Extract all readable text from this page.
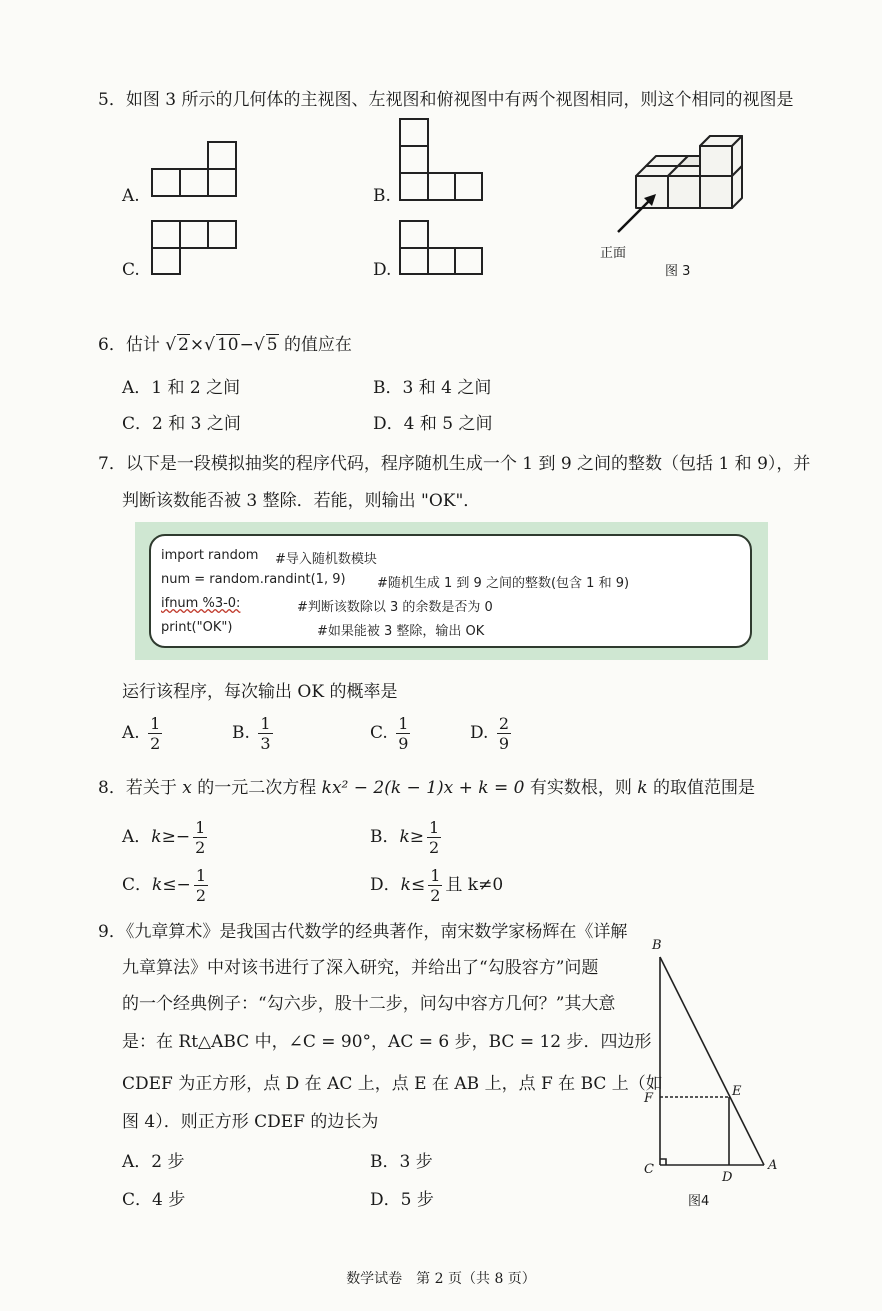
5．如图 3 所示的几何体的主视图、左视图和俯视图中有两个视图相同，则这个相同的视图是
A.	B.
C.	D.
正面
图 3
6．估计 √ 2×√ 10−√ 5 的值应在
A．1 和 2 之间	B．3 和 4 之间
C．2 和 3 之间	D．4 和 5 之间
7．以下是一段模拟抽奖的程序代码，程序随机生成一个 1 到 9 之间的整数（包括 1 和 9），并
判断该数能否被 3 整除．若能，则输出 "OK"．
import random #导入随机数模块
num = random.randint(1, 9) #随机生成 1 到 9 之间的整数(包含 1 和 9)
ifnum %3-0:	#判断该数除以 3 的余数是否为 0
print("OK")	#如果能被 3 整除，输出 OK
运行该程序，每次输出 OK 的概率是
A. $\frac{1}{2}$	B. $\frac{1}{3}$	C. $\frac{1}{9}$	D. $\frac{2}{9}$
8．若关于 x 的一元二次方程 kx² − 2(k − 1)x + k = 0 有实数根，则 k 的取值范围是
A．$k\ge- \frac{1}{2}$	B．$k\ge \frac{1}{2}$
C．$k\le- \frac{1}{2}$	D．$k\le \frac{1}{2}$ 且 k≠0
9．《九章算术》是我国古代数学的经典著作，南宋数学家杨辉在《详解
九章算法》中对该书进行了深入研究，并给出了“勾股容方”问题
的一个经典例子：“勾六步，股十二步，问勾中容方几何？”其大意
是：在 Rt△ABC 中，∠C = 90°，AC = 6 步，BC = 12 步．四边形
CDEF 为正方形，点 D 在 AC 上，点 E 在 AB 上，点 F 在 BC 上（如
图 4）．则正方形 CDEF 的边长为
A．2 步	B．3 步
C．4 步	D．5 步
B
F	E
C
D
A
图4
数学试卷　第 2 页（共 8 页）
